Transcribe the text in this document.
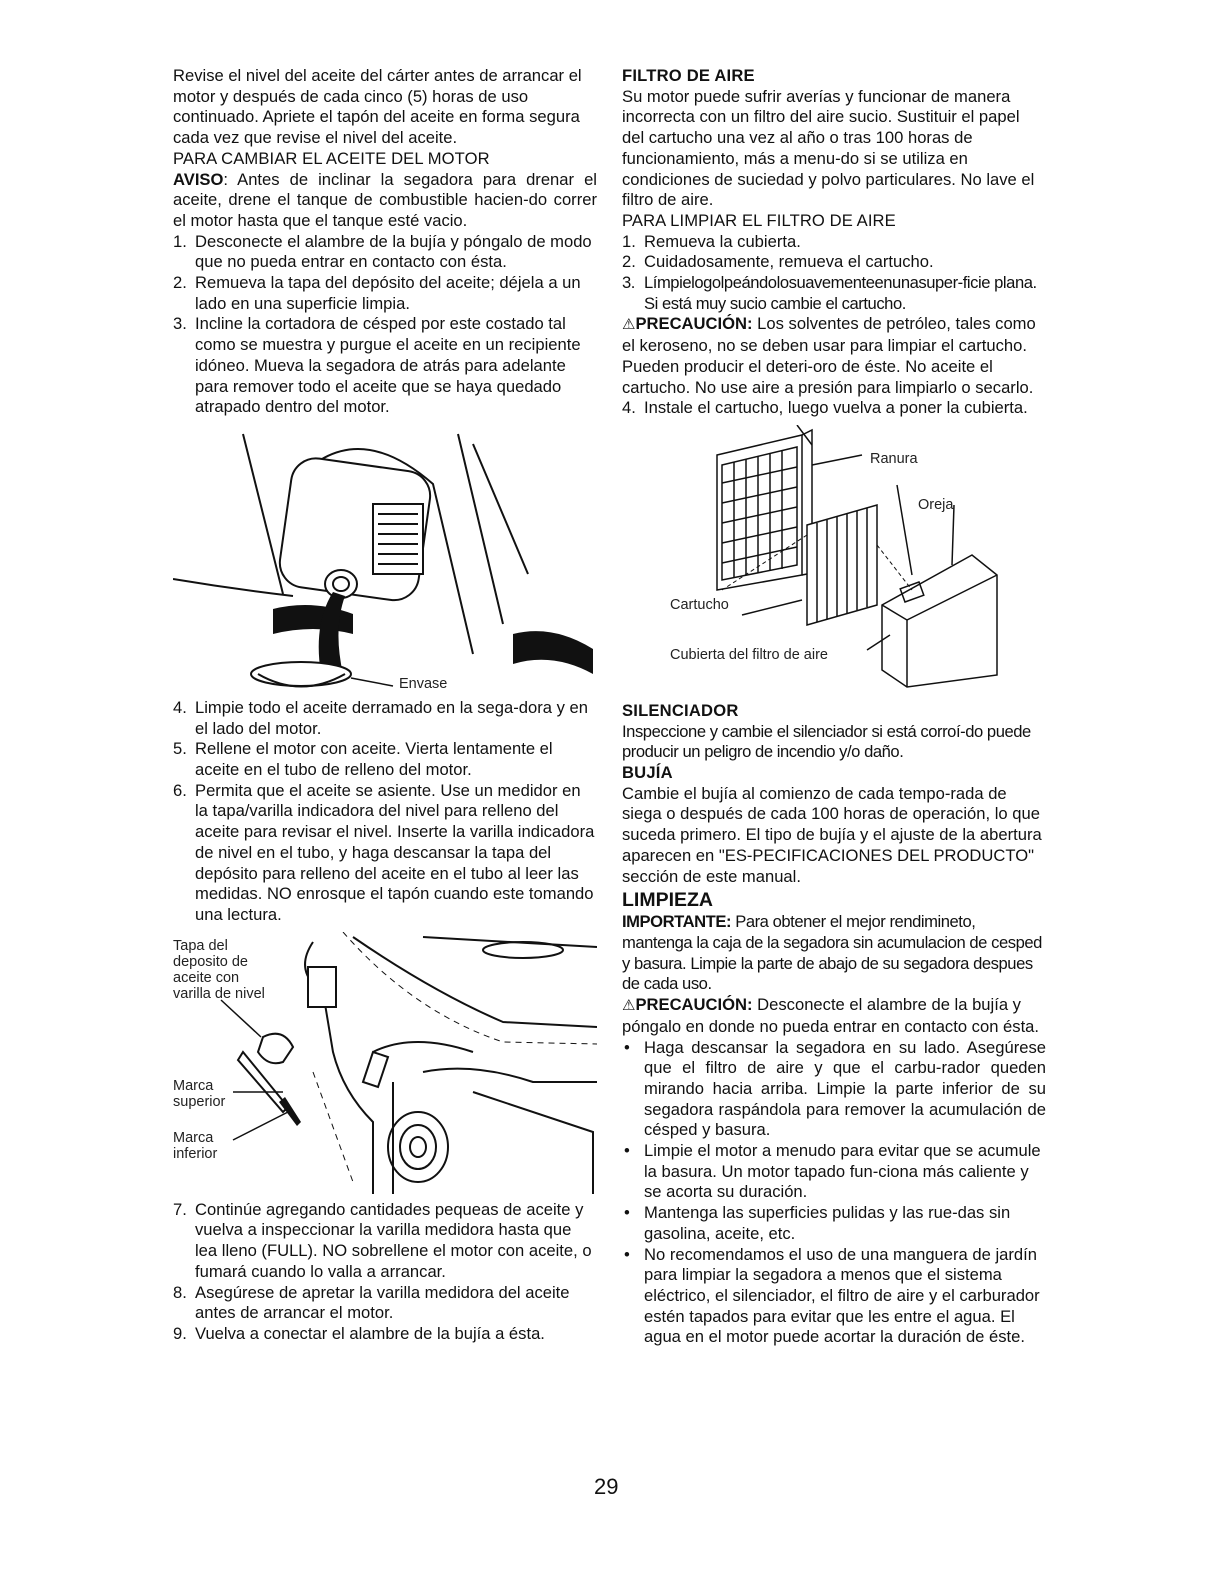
Revise el nivel del aceite del cárter antes de arrancar el motor y después de cada cinco (5) horas de uso continuado. Apriete el tapón del aceite en forma segura cada vez que revise el nivel del aceite.

PARA CAMBIAR EL ACEITE DEL MOTOR

AVISO: Antes de inclinar la segadora para drenar el aceite, drene el tanque de combustible hacien-do correr el motor hasta que el tanque esté vacio.

1. Desconecte el alambre de la bujía y póngalo de modo que no pueda entrar en contacto con ésta.
2. Remueva la tapa del depósito del aceite; déjela a un lado en una superficie limpia.
3. Incline la cortadora de césped por este costado tal como se muestra y purgue el aceite en un recipiente idóneo. Mueva la segadora de atrás para adelante para remover todo el aceite que se haya quedado atrapado dentro del motor.
Envase
4. Limpie todo el aceite derramado en la sega-dora y en el lado del motor.
5. Rellene el motor con aceite. Vierta lentamente el aceite en el tubo de relleno del motor.
6. Permita que el aceite se asiente. Use un medidor en la tapa/varilla indicadora del nivel para relleno del aceite para revisar el nivel. Inserte la varilla indicadora de nivel en el tubo, y haga descansar la tapa del depósito para relleno del aceite en el tubo al leer las medidas. NO enrosque el tapón cuando este tomando una lectura.
Tapa del deposito de aceite con varilla de nivel
Marca superior
Marca inferior
7. Continúe agregando cantidades pequeas de aceite y vuelva a inspeccionar la varilla medidora hasta que lea lleno (FULL). NO sobrellene el motor con aceite, o fumará cuando lo valla a arrancar.
8. Asegúrese de apretar la varilla medidora del aceite antes de arrancar el motor.
9. Vuelva a conectar el alambre de la bujía a ésta.

FILTRO DE AIRE

Su motor puede sufrir averías y funcionar de manera incorrecta con un filtro del aire sucio. Sustituir el papel del cartucho una vez al año o tras 100 horas de funcionamiento, más a menu-do si se utiliza en condiciones de suciedad y polvo particulares. No lave el filtro de aire.

PARA LIMPIAR EL FILTRO DE AIRE

1. Remueva la cubierta.
2. Cuidadosamente, remueva el cartucho.
3. Límpielogolpeándolosuavementeenunasuper-ficie plana. Si está muy sucio cambie el cartucho.

⚠PRECAUCIÓN: Los solventes de petróleo, tales como el keroseno, no se deben usar para limpiar el cartucho. Pueden producir el deteri-oro de éste. No aceite el cartucho. No use aire a presión para limpiarlo o secarlo.

4. Instale el cartucho, luego vuelva a poner la cubierta.
Ranura
Oreja
Cartucho
Cubierta del filtro de aire

SILENCIADOR

Inspeccione y cambie el silenciador si está corroí-do puede producir un peligro de incendio y/o daño.

BUJÍA

Cambie el bujía al comienzo de cada tempo-rada de siega o después de cada 100 horas de operación, lo que suceda primero. El tipo de bujía y el ajuste de la abertura aparecen en "ES-PECIFICACIONES DEL PRODUCTO" sección de este manual.

LIMPIEZA

IMPORTANTE: Para obtener el mejor rendimineto, mantenga la caja de la segadora sin acumulacion de cesped y basura. Limpie la parte de abajo de su segadora despues de cada uso.

⚠PRECAUCIÓN: Desconecte el alambre de la bujía y póngalo en donde no pueda entrar en contacto con ésta.

• Haga descansar la segadora en su lado. Asegúrese que el filtro de aire y que el carbu-rador queden mirando hacia arriba. Limpie la parte inferior de su segadora raspándola para remover la acumulación de césped y basura.
• Limpie el motor a menudo para evitar que se acumule la basura. Un motor tapado fun-ciona más caliente y se acorta su duración.
• Mantenga las superficies pulidas y las rue-das sin gasolina, aceite, etc.
• No recomendamos el uso de una manguera de jardín para limpiar la segadora a menos que el sistema eléctrico, el silenciador, el filtro de aire y el carburador estén tapados para evitar que les entre el agua. El agua en el motor puede acortar la duración de éste.
29
